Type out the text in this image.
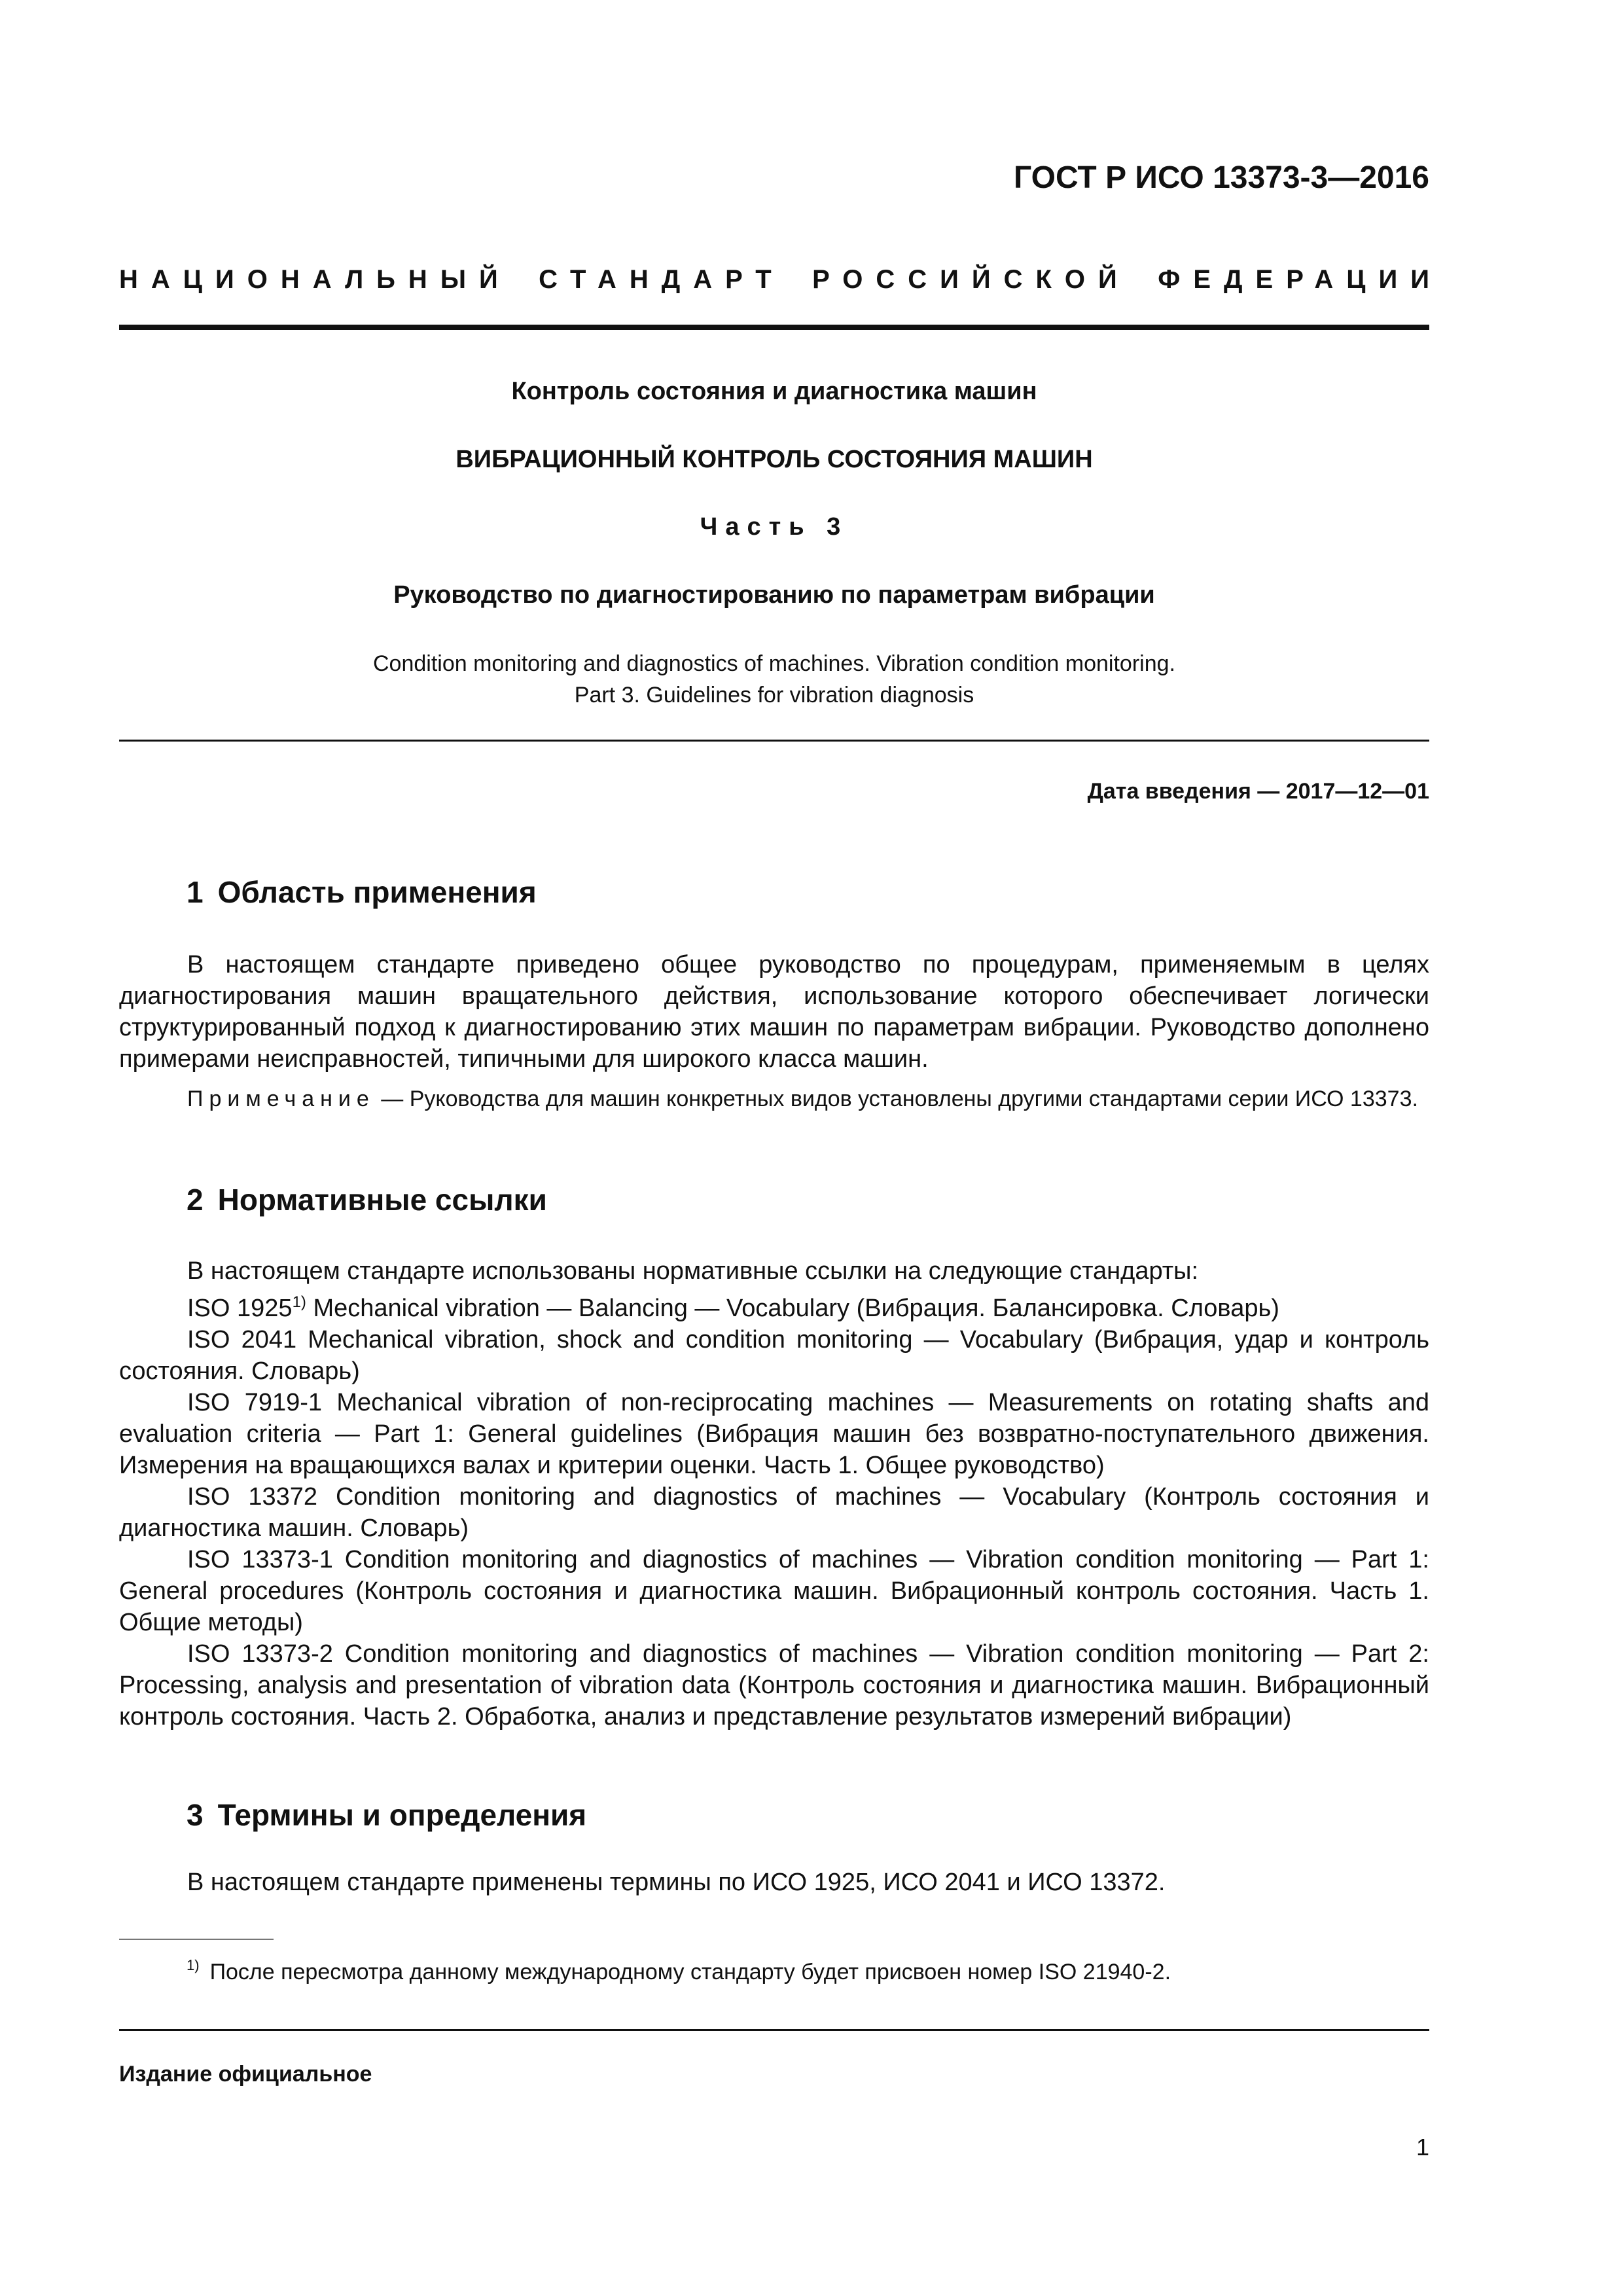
ГОСТ Р ИСО 13373-3—2016
НАЦИОНАЛЬНЫЙ СТАНДАРТ РОССИЙСКОЙ ФЕДЕРАЦИИ
Контроль состояния и диагностика машин
ВИБРАЦИОННЫЙ КОНТРОЛЬ СОСТОЯНИЯ МАШИН
Часть 3
Руководство по диагностированию по параметрам вибрации
Condition monitoring and diagnostics of machines. Vibration condition monitoring.
Part 3. Guidelines for vibration diagnosis
Дата введения — 2017—12—01
1 Область применения

В настоящем стандарте приведено общее руководство по процедурам, применяемым в целях диагностирования машин вращательного действия, использование которого обеспечивает логически структурированный подход к диагностированию этих машин по параметрам вибрации. Руководство дополнено примерами неисправностей, типичными для широкого класса машин.

Примечание — Руководства для машин конкретных видов установлены другими стандартами серии ИСО 13373.

2 Нормативные ссылки

В настоящем стандарте использованы нормативные ссылки на следующие стандарты:

ISO 1925$^{1)}$ Mechanical vibration — Balancing — Vocabulary (Вибрация. Балансировка. Словарь)

ISO 2041 Mechanical vibration, shock and condition monitoring — Vocabulary (Вибрация, удар и контроль состояния. Словарь)

ISO 7919-1 Mechanical vibration of non-reciprocating machines — Measurements on rotating shafts and evaluation criteria — Part 1: General guidelines (Вибрация машин без возвратно-поступательного движения. Измерения на вращающихся валах и критерии оценки. Часть 1. Общее руководство)

ISO 13372 Condition monitoring and diagnostics of machines — Vocabulary (Контроль состояния и диагностика машин. Словарь)

ISO 13373-1 Condition monitoring and diagnostics of machines — Vibration condition monitoring — Part 1: General procedures (Контроль состояния и диагностика машин. Вибрационный контроль состояния. Часть 1. Общие методы)

ISO 13373-2 Condition monitoring and diagnostics of machines — Vibration condition monitoring — Part 2: Processing, analysis and presentation of vibration data (Контроль состояния и диагностика машин. Вибрационный контроль состояния. Часть 2. Обработка, анализ и представление результатов измерений вибрации)

3 Термины и определения

В настоящем стандарте применены термины по ИСО 1925, ИСО 2041 и ИСО 13372.

$^{1)}$ После пересмотра данному международному стандарту будет присвоен номер ISO 21940-2.
Издание официальное
1
